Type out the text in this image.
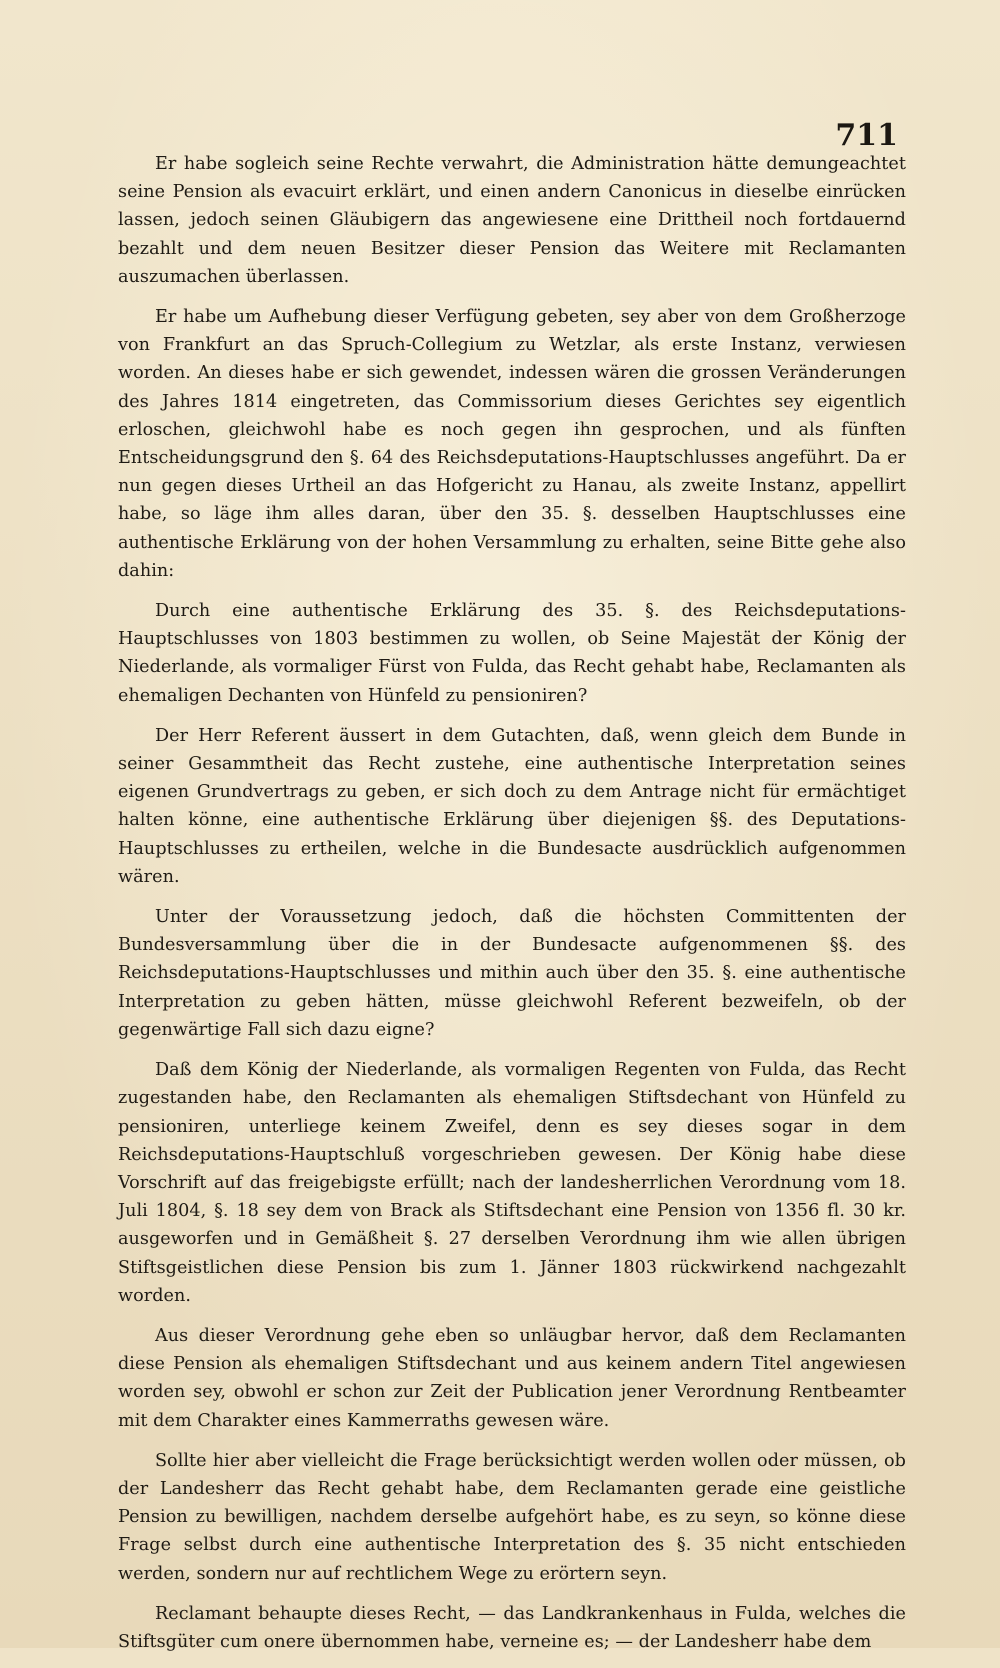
711

Er habe sogleich seine Rechte verwahrt, die Administration hätte demungeachtet seine Pension als evacuirt erklärt, und einen andern Canonicus in dieselbe einrücken lassen, jedoch seinen Gläubigern das angewiesene eine Drittheil noch fortdauernd bezahlt und dem neuen Besitzer dieser Pension das Weitere mit Reclamanten auszumachen überlassen.

Er habe um Aufhebung dieser Verfügung gebeten, sey aber von dem Großherzoge von Frankfurt an das Spruch-Collegium zu Wetzlar, als erste Instanz, verwiesen worden. An dieses habe er sich gewendet, indessen wären die grossen Veränderungen des Jahres 1814 eingetreten, das Commissorium dieses Gerichtes sey eigentlich erloschen, gleichwohl habe es noch gegen ihn gesprochen, und als fünften Entscheidungsgrund den §. 64 des Reichsdeputations-Hauptschlusses angeführt. Da er nun gegen dieses Urtheil an das Hofgericht zu Hanau, als zweite Instanz, appellirt habe, so läge ihm alles daran, über den 35. §. desselben Hauptschlusses eine authentische Erklärung von der hohen Versammlung zu erhalten, seine Bitte gehe also dahin:

Durch eine authentische Erklärung des 35. §. des Reichsdeputations-Hauptschlusses von 1803 bestimmen zu wollen, ob Seine Majestät der König der Niederlande, als vormaliger Fürst von Fulda, das Recht gehabt habe, Reclamanten als ehemaligen Dechanten von Hünfeld zu pensioniren?

Der Herr Referent äussert in dem Gutachten, daß, wenn gleich dem Bunde in seiner Gesammtheit das Recht zustehe, eine authentische Interpretation seines eigenen Grundvertrags zu geben, er sich doch zu dem Antrage nicht für ermächtiget halten könne, eine authentische Erklärung über diejenigen §§. des Deputations-Hauptschlusses zu ertheilen, welche in die Bundesacte ausdrücklich aufgenommen wären.

Unter der Voraussetzung jedoch, daß die höchsten Committenten der Bundesversammlung über die in der Bundesacte aufgenommenen §§. des Reichsdeputations-Hauptschlusses und mithin auch über den 35. §. eine authentische Interpretation zu geben hätten, müsse gleichwohl Referent bezweifeln, ob der gegenwärtige Fall sich dazu eigne?

Daß dem König der Niederlande, als vormaligen Regenten von Fulda, das Recht zugestanden habe, den Reclamanten als ehemaligen Stiftsdechant von Hünfeld zu pensioniren, unterliege keinem Zweifel, denn es sey dieses sogar in dem Reichsdeputations-Hauptschluß vorgeschrieben gewesen. Der König habe diese Vorschrift auf das freigebigste erfüllt; nach der landesherrlichen Verordnung vom 18. Juli 1804, §. 18 sey dem von Brack als Stiftsdechant eine Pension von 1356 fl. 30 kr. ausgeworfen und in Gemäßheit §. 27 derselben Verordnung ihm wie allen übrigen Stiftsgeistlichen diese Pension bis zum 1. Jänner 1803 rückwirkend nachgezahlt worden.

Aus dieser Verordnung gehe eben so unläugbar hervor, daß dem Reclamanten diese Pension als ehemaligen Stiftsdechant und aus keinem andern Titel angewiesen worden sey, obwohl er schon zur Zeit der Publication jener Verordnung Rentbeamter mit dem Charakter eines Kammerraths gewesen wäre.

Sollte hier aber vielleicht die Frage berücksichtigt werden wollen oder müssen, ob der Landesherr das Recht gehabt habe, dem Reclamanten gerade eine geistliche Pension zu bewilligen, nachdem derselbe aufgehört habe, es zu seyn, so könne diese Frage selbst durch eine authentische Interpretation des §. 35 nicht entschieden werden, sondern nur auf rechtlichem Wege zu erörtern seyn.

Reclamant behaupte dieses Recht, — das Landkrankenhaus in Fulda, welches die Stiftsgüter cum onere übernommen habe, verneine es; — der Landesherr habe dem
